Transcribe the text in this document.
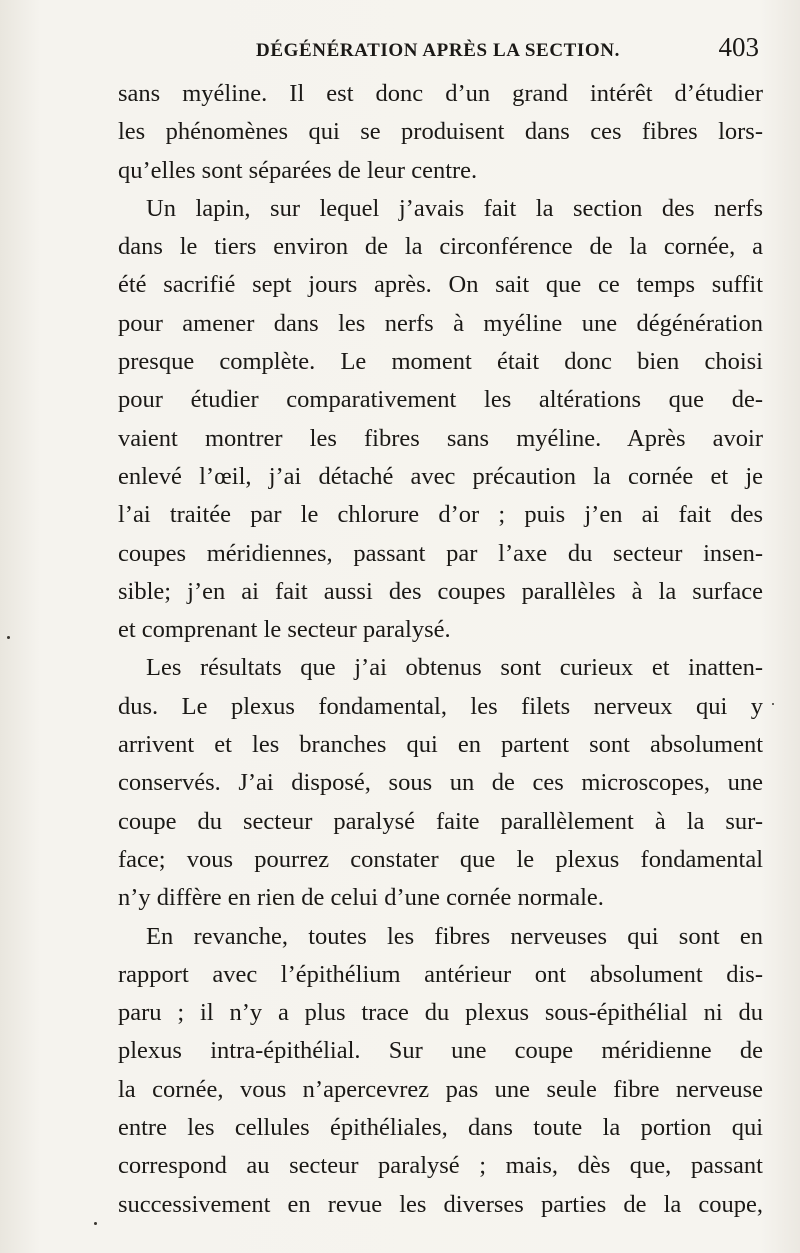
DÉGÉNÉRATION APRÈS LA SECTION.	403
sans myéline. Il est donc d’un grand intérêt d’étudier
les phénomènes qui se produisent dans ces fibres lors-
qu’elles sont séparées de leur centre.
Un lapin, sur lequel j’avais fait la section des nerfs
dans le tiers environ de la circonférence de la cornée, a
été sacrifié sept jours après. On sait que ce temps suffit
pour amener dans les nerfs à myéline une dégénération
presque complète. Le moment était donc bien choisi
pour étudier comparativement les altérations que de-
vaient montrer les fibres sans myéline. Après avoir
enlevé l’œil, j’ai détaché avec précaution la cornée et je
l’ai traitée par le chlorure d’or ; puis j’en ai fait des
coupes méridiennes, passant par l’axe du secteur insen-
sible; j’en ai fait aussi des coupes parallèles à la surface
et comprenant le secteur paralysé.
Les résultats que j’ai obtenus sont curieux et inatten-
dus. Le plexus fondamental, les filets nerveux qui y
arrivent et les branches qui en partent sont absolument
conservés. J’ai disposé, sous un de ces microscopes, une
coupe du secteur paralysé faite parallèlement à la sur-
face; vous pourrez constater que le plexus fondamental
n’y diffère en rien de celui d’une cornée normale.
En revanche, toutes les fibres nerveuses qui sont en
rapport avec l’épithélium antérieur ont absolument dis-
paru ; il n’y a plus trace du plexus sous-épithélial ni du
plexus intra-épithélial. Sur une coupe méridienne de
la cornée, vous n’apercevrez pas une seule fibre nerveuse
entre les cellules épithéliales, dans toute la portion qui
correspond au secteur paralysé ; mais, dès que, passant
successivement en revue les diverses parties de la coupe,
